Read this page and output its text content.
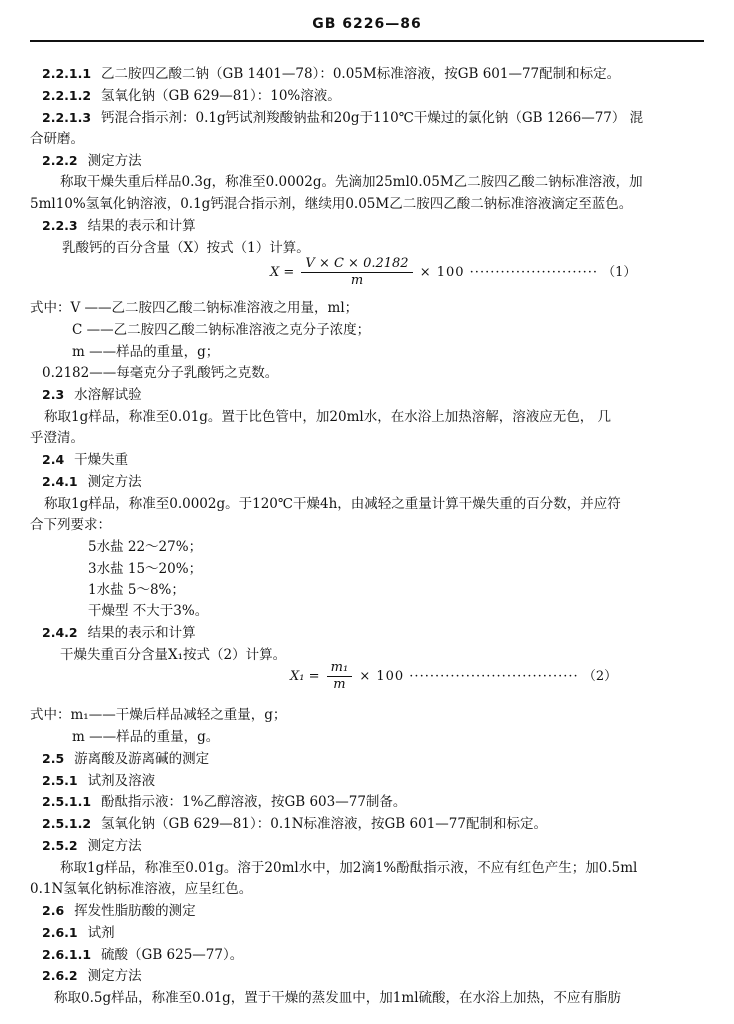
GB 6226—86
2.2.1.1 乙二胺四乙酸二钠（GB 1401—78）：0.05M标准溶液，按GB 601—77配制和标定。
2.2.1.2 氢氧化钠（GB 629—81）：10%溶液。
2.2.1.3 钙混合指示剂：0.1g钙试剂羧酸钠盐和20g于110℃干燥过的氯化钠（GB 1266—77） 混
合研磨。
2.2.2 测定方法
称取干燥失重后样品0.3g，称准至0.0002g。先滴加25ml0.05M乙二胺四乙酸二钠标准溶液，加
5ml10%氢氧化钠溶液，0.1g钙混合指示剂，继续用0.05M乙二胺四乙酸二钠标准溶液滴定至蓝色。
2.2.3 结果的表示和计算
乳酸钙的百分含量（X）按式（1）计算。
式中：V ——乙二胺四乙酸二钠标准溶液之用量，ml；
C ——乙二胺四乙酸二钠标准溶液之克分子浓度；
m ——样品的重量，g；
0.2182——每毫克分子乳酸钙之克数。
2.3 水溶解试验
称取1g样品，称准至0.01g。置于比色管中，加20ml水，在水浴上加热溶解，溶液应无色， 几
乎澄清。
2.4 干燥失重
2.4.1 测定方法
称取1g样品，称准至0.0002g。于120℃干燥4h，由减轻之重量计算干燥失重的百分数，并应符
合下列要求：
5水盐 22～27%；
3水盐 15～20%；
1水盐 5～8%；
干燥型 不大于3%。
2.4.2 结果的表示和计算
干燥失重百分含量X₁按式（2）计算。
式中：m₁——干燥后样品减轻之重量，g；
m ——样品的重量，g。
2.5 游离酸及游离碱的测定
2.5.1 试剂及溶液
2.5.1.1 酚酞指示液：1%乙醇溶液，按GB 603—77制备。
2.5.1.2 氢氧化钠（GB 629—81）：0.1N标准溶液，按GB 601—77配制和标定。
2.5.2 测定方法
称取1g样品，称准至0.01g。溶于20ml水中，加2滴1%酚酞指示液，不应有红色产生；加0.5ml
0.1N氢氧化钠标准溶液，应呈红色。
2.6 挥发性脂肪酸的测定
2.6.1 试剂
2.6.1.1 硫酸（GB 625—77）。
2.6.2 测定方法
称取0.5g样品，称准至0.01g，置于干燥的蒸发皿中，加1ml硫酸，在水浴上加热，不应有脂肪
$X = \frac{V \times C \times 0.2182}{m} \times 100$ ························· （1）
$X_1 = \frac{\text{m₁}}{m} \times 100$ ································· （2）
